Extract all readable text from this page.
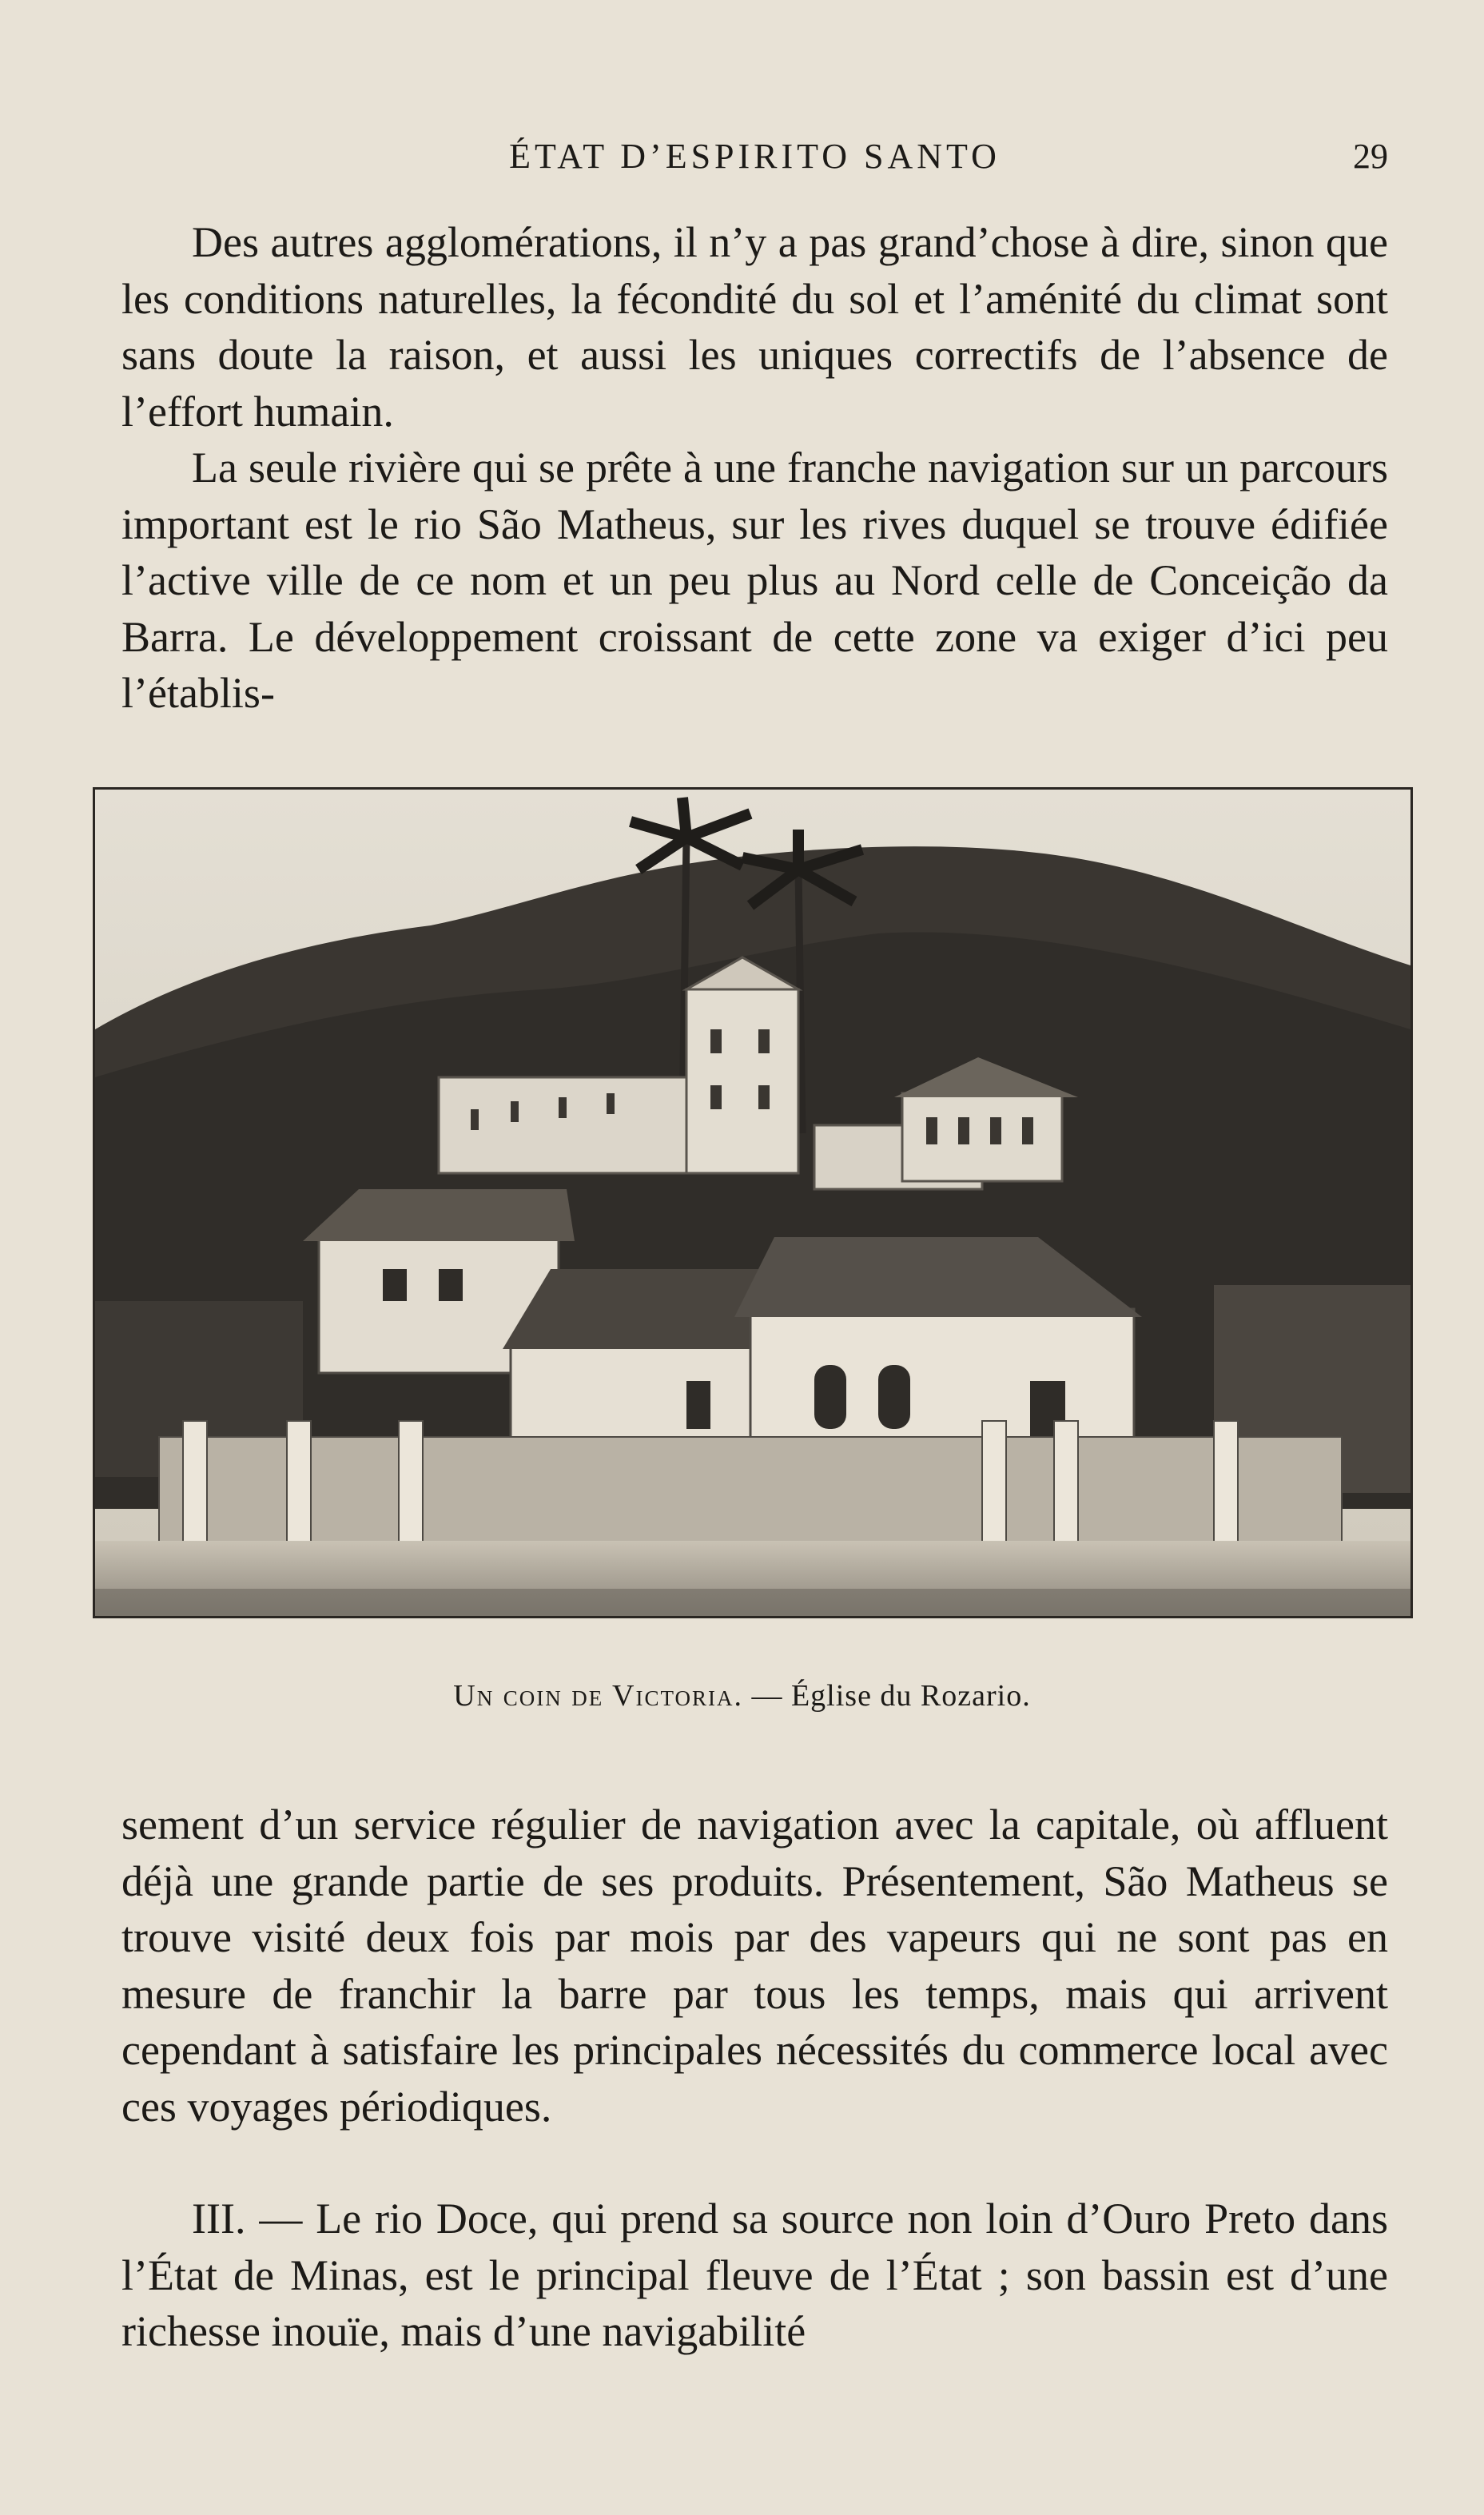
ÉTAT D’ESPIRITO SANTO	29

Des autres agglomérations, il n’y a pas grand’chose à dire, sinon que les conditions naturelles, la fécondité du sol et l’aménité du climat sont sans doute la raison, et aussi les uniques correctifs de l’absence de l’effort humain.

La seule rivière qui se prête à une franche navigation sur un parcours important est le rio São Matheus, sur les rives duquel se trouve édifiée l’active ville de ce nom et un peu plus au Nord celle de Conceição da Barra. Le développement croissant de cette zone va exiger d’ici peu l’établis-

Un coin de Victoria. — Église du Rozario.

sement d’un service régulier de navigation avec la capitale, où affluent déjà une grande partie de ses produits. Présentement, São Matheus se trouve visité deux fois par mois par des vapeurs qui ne sont pas en mesure de franchir la barre par tous les temps, mais qui arrivent cependant à satisfaire les principales nécessités du commerce local avec ces voyages périodiques.

III. — Le rio Doce, qui prend sa source non loin d’Ouro Preto dans l’État de Minas, est le principal fleuve de l’État ; son bassin est d’une richesse inouïe, mais d’une navigabilité
